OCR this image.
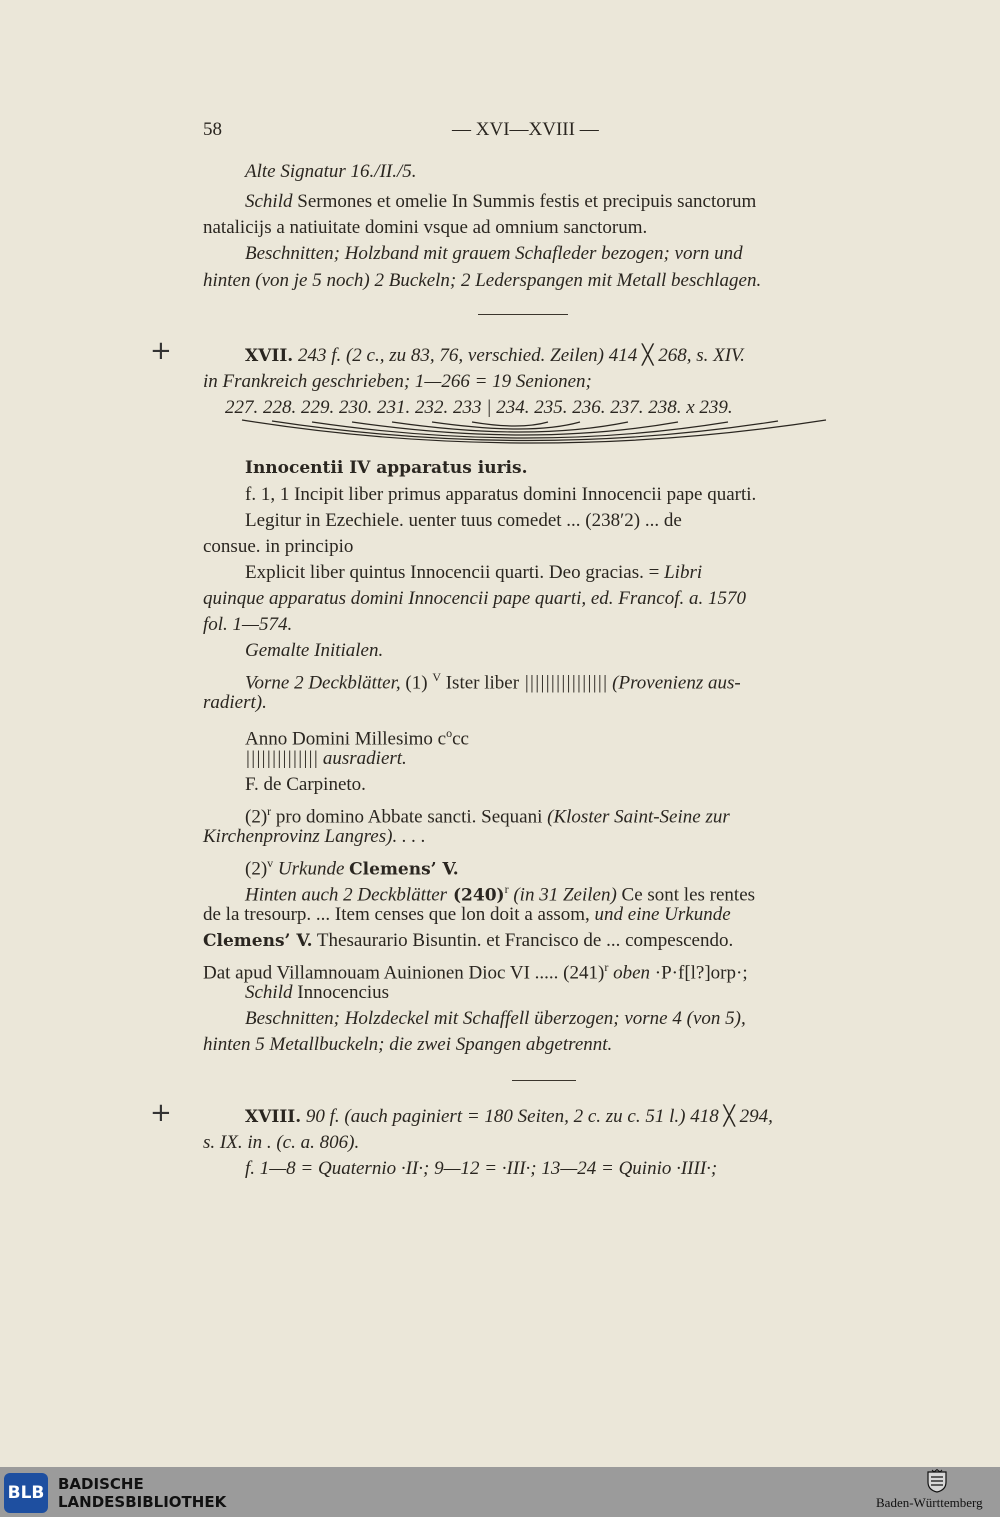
58	— XVI—XVIII —
Alte Signatur 16./II./5.
Schild Sermones et omelie In Summis festis et precipuis sanctorum
natalicijs a natiuitate domini vsque ad omnium sanctorum.
Beschnitten; Holzband mit grauem Schafleder bezogen; vorn und
hinten (von je 5 noch) 2 Buckeln; 2 Lederspangen mit Metall beschlagen.
+	XVII. 243 f. (2 c., zu 83, 76, verschied. Zeilen) 414 ╳ 268, s. XIV.
in Frankreich geschrieben; 1—266 = 19 Senionen;
227. 228. 229. 230. 231. 232. 233 | 234. 235. 236. 237. 238. x 239.
Innocentii IV apparatus iuris.
f. 1, 1 Incipit liber primus apparatus domini Innocencii pape quarti.
Legitur in Ezechiele. uenter tuus comedet ... (238′2) ... de
consue. in principio
Explicit liber quintus Innocencii quarti. Deo gracias. = Libri
quinque apparatus domini Innocencii pape quarti, ed. Francof. a. 1570
fol. 1—574.
Gemalte Initialen.
Vorne 2 Deckblätter, (1) $^V$ Ister liber |||||||||||||||| (Provenienz aus-
radiert).
Anno Domini Millesimo $c^occ$
|||||||||||||| ausradiert.
F. de Carpineto.
$(2)^r$ pro domino Abbate sancti. Sequani (Kloster Saint-Seine zur
Kirchenprovinz Langres). . . .
$(2)^v$ Urkunde Clemens’ V.
Hinten auch 2 Deckblätter $(240)^r$ (in 31 Zeilen) Ce sont les rentes
de la tresourp. ... Item censes que lon doit a assom, und eine Urkunde
Clemens’ V. Thesaurario Bisuntin. et Francisco de ... compescendo.
Dat apud Villamnouam Auinionen Dioc VI ..... $(241)^r$ oben ·P·f[l?]orp·;
Schild Innocencius
Beschnitten; Holzdeckel mit Schaffell überzogen; vorne 4 (von 5),
hinten 5 Metallbuckeln; die zwei Spangen abgetrennt.
+	XVIII. 90 f. (auch paginiert = 180 Seiten, 2 c. zu c. 51 l.) 418 ╳ 294,
s. IX. in . (c. a. 806).
f. 1—8 = Quaternio ·II·; 9—12 = ·III·; 13—24 = Quinio ·IIII·;
BLB BADISCHE
LANDESBIBLIOTHEK	Baden-Württemberg
